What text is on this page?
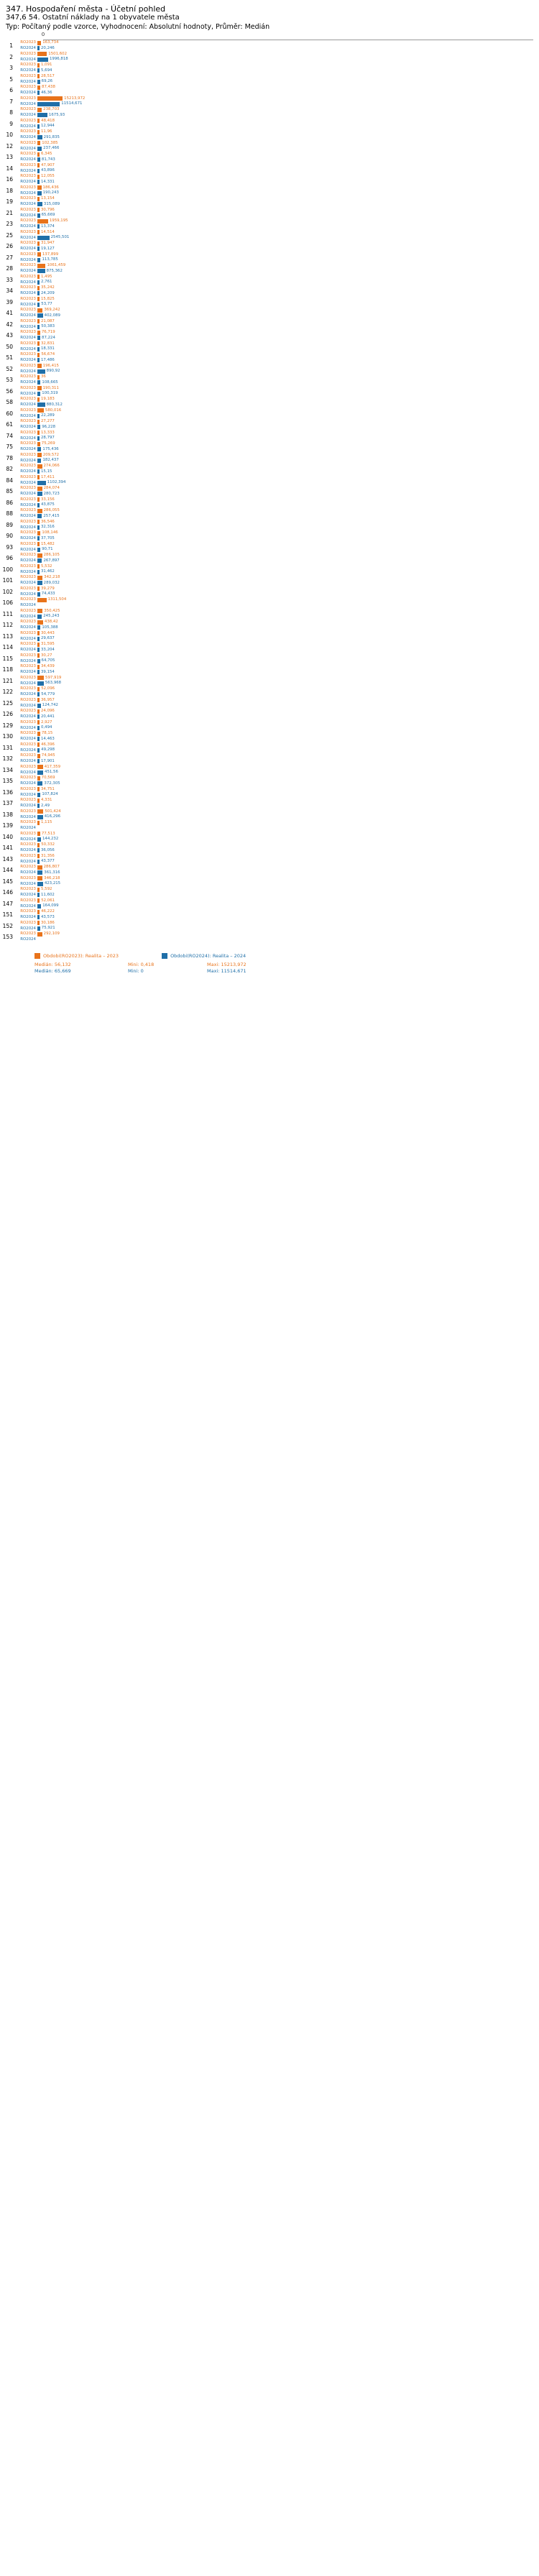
347. Hospodaření města - Účetní pohled
347,6 54. Ostatní náklady na 1 obyvatele města
Typ: Počítaný podle vzorce, Vyhodnocení: Absolutní hodnoty, Průměr: Medián
0
1	RO2023	163,734
RO2024	20,246
2	RO2023	1501,602
RO2024	1996,818
3	RO2023	1,091
RO2024	5,694
5	RO2023	28,517
RO2024	69,26
6	RO2023	87,438
RO2024	46,36
7	RO2023	15213,972
RO2024	11514,671
8	RO2023	238,703
RO2024	1675,93
9	RO2023	48,418
RO2024	12,944
10	RO2023	11,96
RO2024	291,835
12	RO2023	102,385
RO2024	237,466
13	RO2023	6,345
RO2024	81,743
14	RO2023	47,907
RO2024	43,896
16	RO2023	12,055
RO2024	14,331
18	RO2023	186,436
RO2024	190,243
19	RO2023	13,154
RO2024	315,089
21	RO2023	30,796
RO2024	65,669
23	RO2023	1959,195
RO2024	13,374
25	RO2023	14,514
RO2024	2545,501
26	RO2023	31,947
RO2024	19,127
27	RO2023	137,899
RO2024	113,785
28	RO2023	1061,459
RO2024	875,362
33	RO2023	1,495
RO2024	2,761
34	RO2023	35,242
RO2024	24,209
39	RO2023	15,825
RO2024	53,77
41	RO2023	369,242
RO2024	402,089
42	RO2023	21,087
RO2024	50,383
43	RO2023	76,719
RO2024	87,224
50	RO2023	32,831
RO2024	18,331
51	RO2023	56,674
RO2024	17,486
52	RO2023	196,415
RO2024	890,92
53	RO2023	36
RO2024	108,665
56	RO2023	190,311
RO2024	100,319
58	RO2023	19,183
RO2024	880,312
60	RO2023	580,016
RO2024	22,289
61	RO2023	27,277
RO2024	96,228
74	RO2023	13,333
RO2024	28,797
75	RO2023	75,269
RO2024	175,436
78	RO2023	209,572
RO2024	182,437
82	RO2023	274,066
RO2024	15,15
84	RO2023	17,411
RO2024	1102,394
85	RO2023	284,074
RO2024	280,723
86	RO2023	33,156
RO2024	43,875
88	RO2023	286,055
RO2024	257,415
89	RO2023	36,546
RO2024	32,316
90	RO2023	108,146
RO2024	37,705
93	RO2023	15,482
RO2024	90,71
96	RO2023	286,105
RO2024	267,897
100	RO2023	5,532
RO2024	31,462
101	RO2023	342,218
RO2024	289,032
102	RO2023	39,279
RO2024	74,433
106	RO2023	1311,504
RO2024
111	RO2023	350,425
RO2024	245,243
112	RO2023	438,42
RO2024	105,388
113	RO2023	30,443
RO2024	29,637
114	RO2023	31,595
RO2024	33,204
115	RO2023	30,27
RO2024	64,705
118	RO2023	34,439
RO2024	39,154
121	RO2023	597,919
RO2024	563,968
122	RO2023	52,096
RO2024	54,779
125	RO2023	36,957
RO2024	124,742
126	RO2023	24,096
RO2024	20,441
129	RO2023	2,927
RO2024	0,494
130	RO2023	78,15
RO2024	14,463
131	RO2023	46,396
RO2024	49,298
132	RO2023	74,945
RO2024	17,901
134	RO2023	417,359
RO2024	451,56
135	RO2023	70,569
RO2024	372,305
136	RO2023	34,751
RO2024	107,824
137	RO2023	4,331
RO2024	2,49
138	RO2023	501,424
RO2024	416,296
139	RO2023	1,115
RO2024
140	RO2023	77,513
RO2024	144,232
141	RO2023	50,332
RO2024	36,056
143	RO2023	31,356
RO2024	43,377
144	RO2023	286,807
RO2024	361,316
145	RO2023	346,218
RO2024	423,215
146	RO2023	5,592
RO2024	11,602
147	RO2023	52,061
RO2024	164,099
151	RO2023	46,222
RO2024	43,573
152	RO2023	30,186
RO2024	75,921
153	RO2023	292,109
RO2024
Obdobi(RO2023): Realita – 2023	Obdobi(RO2024): Realita – 2024
Medián: 56,132	Mini: 0,418	Maxi: 15213,972
Medián: 65,669	Mini: 0	Maxi: 11514,671
